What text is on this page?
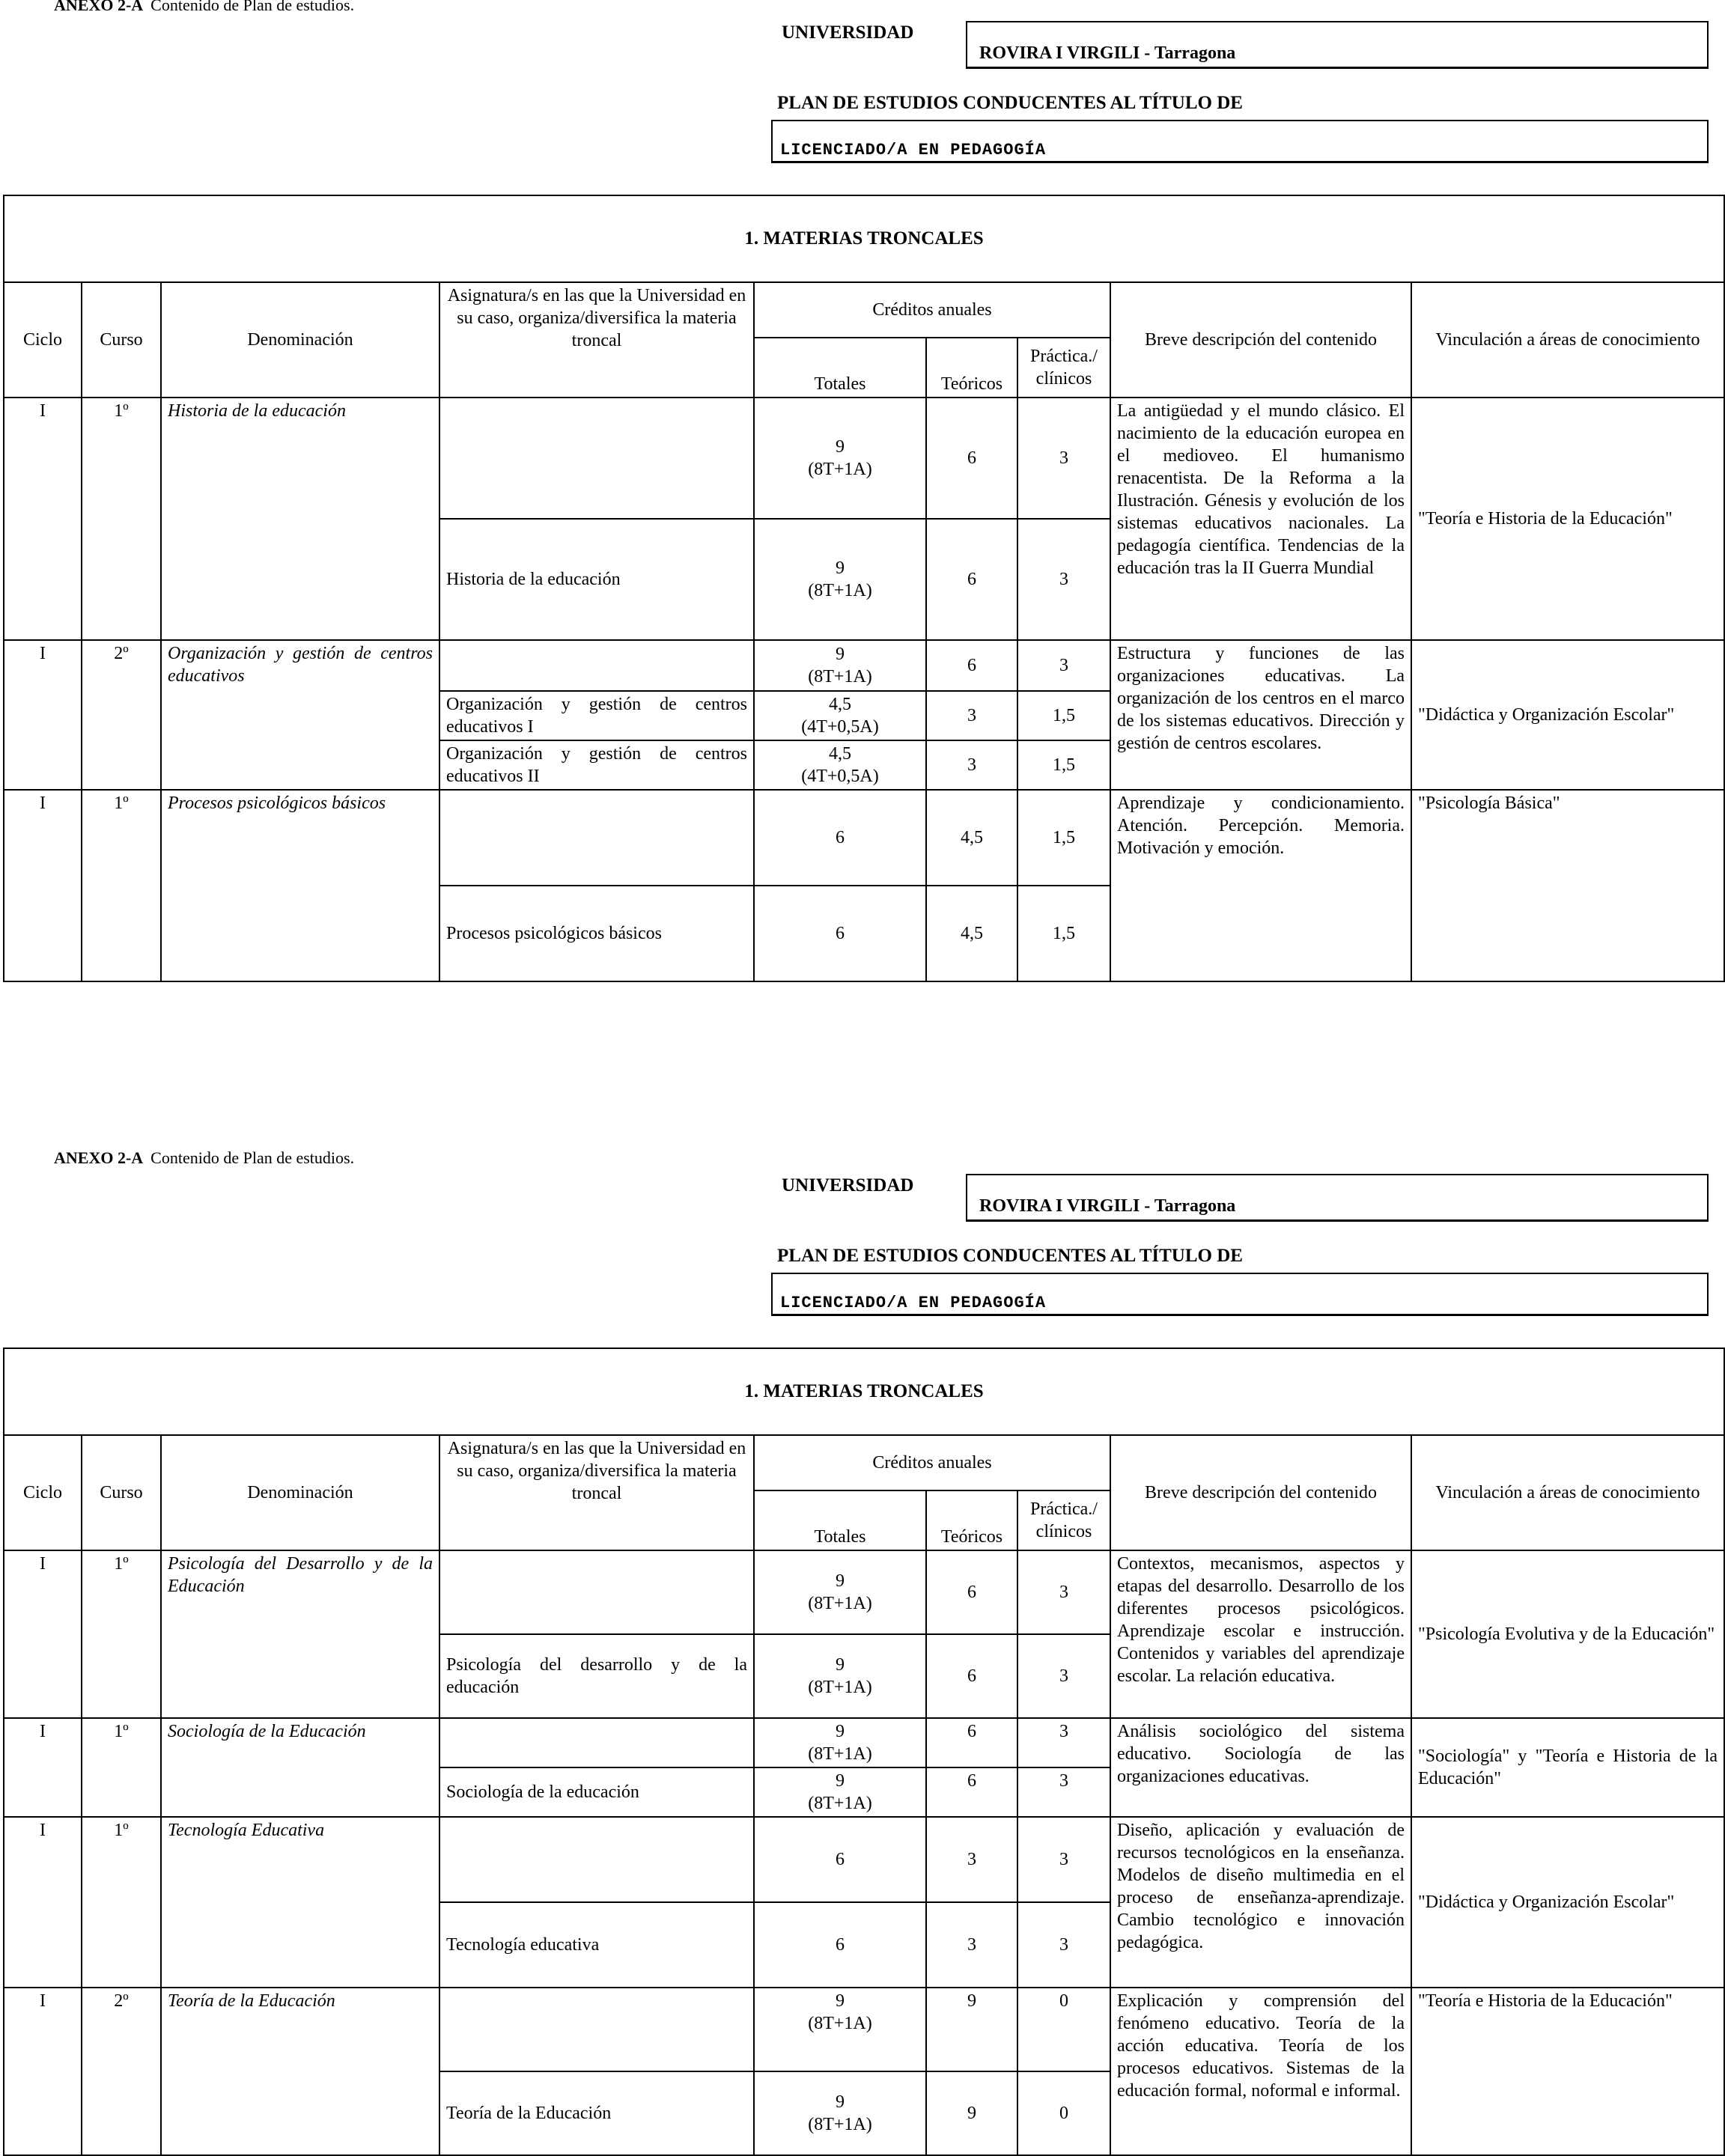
ANEXO 2-A Contenido de Plan de estudios.
UNIVERSIDAD
ROVIRA I VIRGILI - Tarragona
PLAN DE ESTUDIOS CONDUCENTES AL TÍTULO DE
LICENCIADO/A EN PEDAGOGÍA
1. MATERIAS TRONCALES								
Ciclo	Curso	Denominación	Asignatura/s en las que la Universidad en su caso, organiza/diversifica la materia troncal	Créditos anuales			Breve descripción del contenido	Vinculación a áreas de conocimiento
				Totales	Teóricos	Práctica./ clínicos		
I	1º	Historia de la educación		9
(8T+1A)	6	3	La antigüedad y el mundo clásico. El nacimiento de la educación europea en el medioveo. El humanismo renacentista. De la Reforma a la Ilustración. Génesis y evolución de los sistemas educativos nacionales. La pedagogía científica. Tendencias de la educación tras la II Guerra Mundial	"Teoría e Historia de la Educación"
			Historia de la educación	9
(8T+1A)	6	3		
I	2º	Organización y gestión de centros educativos		9
(8T+1A)	6	3	Estructura y funciones de las organizaciones educativas. La organización de los centros en el marco de los sistemas educativos. Dirección y gestión de centros escolares.	"Didáctica y Organización Escolar"
			Organización y gestión de centros educativos I	4,5
(4T+0,5A)	3	1,5		
			Organización y gestión de centros educativos II	4,5
(4T+0,5A)	3	1,5		
I	1º	Procesos psicológicos básicos		6	4,5	1,5	Aprendizaje y condicionamiento. Atención. Percepción. Memoria. Motivación y emoción.	"Psicología Básica"
			Procesos psicológicos básicos	6	4,5	1,5		
ANEXO 2-A Contenido de Plan de estudios.
UNIVERSIDAD
ROVIRA I VIRGILI - Tarragona
PLAN DE ESTUDIOS CONDUCENTES AL TÍTULO DE
LICENCIADO/A EN PEDAGOGÍA
1. MATERIAS TRONCALES								
Ciclo	Curso	Denominación	Asignatura/s en las que la Universidad en su caso, organiza/diversifica la materia troncal	Créditos anuales			Breve descripción del contenido	Vinculación a áreas de conocimiento
				Totales	Teóricos	Práctica./ clínicos		
I	1º	Psicología del Desarrollo y de la Educación		9
(8T+1A)	6	3	Contextos, mecanismos, aspectos y etapas del desarrollo. Desarrollo de los diferentes procesos psicológicos. Aprendizaje escolar e instrucción. Contenidos y variables del aprendizaje escolar. La relación educativa.	"Psicología Evolutiva y de la Educación"
			Psicología del desarrollo y de la educación	9
(8T+1A)	6	3		
I	1º	Sociología de la Educación		9
(8T+1A)	6	3	Análisis sociológico del sistema educativo. Sociología de las organizaciones educativas.	"Sociología" y "Teoría e Historia de la Educación"
			Sociología de la educación	9
(8T+1A)	6	3		
I	1º	Tecnología Educativa		6	3	3	Diseño, aplicación y evaluación de recursos tecnológicos en la enseñanza. Modelos de diseño multimedia en el proceso de enseñanza-aprendizaje. Cambio tecnológico e innovación pedagógica.	"Didáctica y Organización Escolar"
			Tecnología educativa	6	3	3		
I	2º	Teoría de la Educación		9
(8T+1A)	9	0	Explicación y comprensión del fenómeno educativo. Teoría de la acción educativa. Teoría de los procesos educativos. Sistemas de la educación formal, noformal e informal.	"Teoría e Historia de la Educación"
			Teoría de la Educación	9
(8T+1A)	9	0		
